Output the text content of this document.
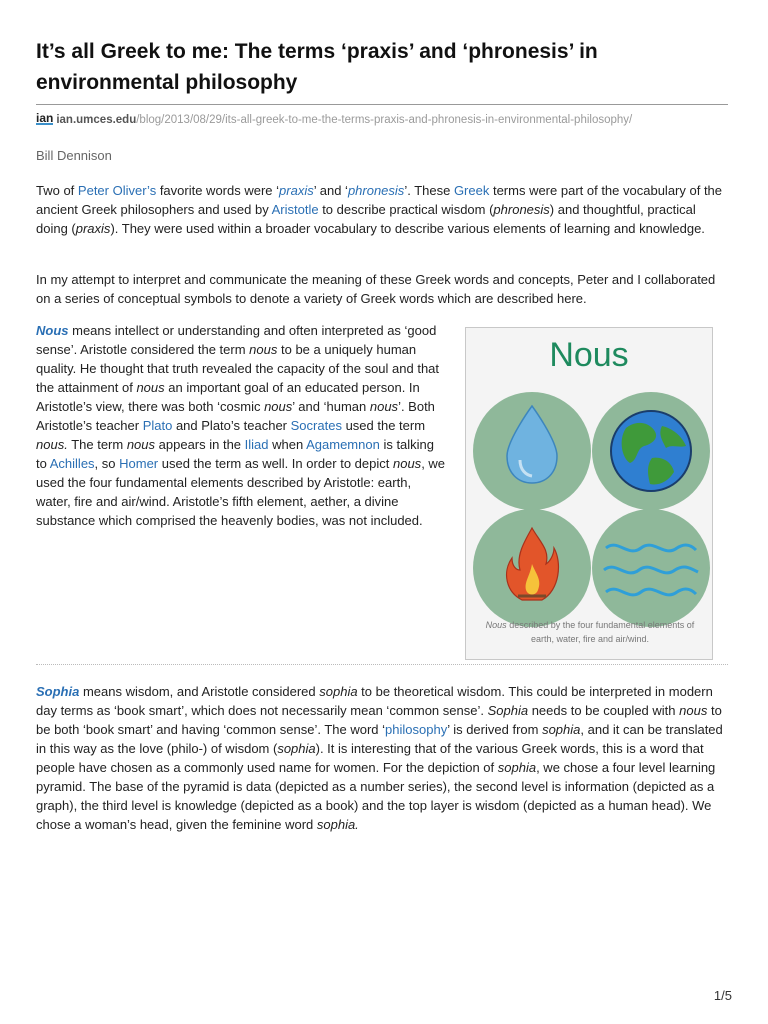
It’s all Greek to me: The terms ‘praxis’ and ‘phronesis’ in environmental philosophy
ian ian.umces.edu/blog/2013/08/29/its-all-greek-to-me-the-terms-praxis-and-phronesis-in-environmental-philosophy/
Bill Dennison

Two of Peter Oliver’s favorite words were ‘praxis’ and ‘phronesis’. These Greek terms were part of the vocabulary of the ancient Greek philosophers and used by Aristotle to describe practical wisdom (phronesis) and thoughtful, practical doing (praxis). They were used within a broader vocabulary to describe various elements of learning and knowledge.

In my attempt to interpret and communicate the meaning of these Greek words and concepts, Peter and I collaborated on a series of conceptual symbols to denote a variety of Greek words which are described here.

Nous means intellect or understanding and often interpreted as ‘good sense’. Aristotle considered the term nous to be a uniquely human quality. He thought that truth revealed the capacity of the soul and that the attainment of nous an important goal of an educated person. In Aristotle’s view, there was both ‘cosmic nous’ and ‘human nous’. Both Aristotle’s teacher Plato and Plato’s teacher Socrates used the term nous. The term nous appears in the Iliad when Agamemnon is talking to Achilles, so Homer used the term as well. In order to depict nous, we used the four fundamental elements described by Aristotle: earth, water, fire and air/wind. Aristotle’s fifth element, aether, a divine substance which comprised the heavenly bodies, was not included.

Nous
Nous described by the four fundamental elements of earth, water, fire and air/wind.

Sophia means wisdom, and Aristotle considered sophia to be theoretical wisdom. This could be interpreted in modern day terms as ‘book smart’, which does not necessarily mean ‘common sense’. Sophia needs to be coupled with nous to be both ‘book smart’ and having ‘common sense’. The word ‘philosophy’ is derived from sophia, and it can be translated in this way as the love (philo-) of wisdom (sophia). It is interesting that of the various Greek words, this is a word that people have chosen as a commonly used name for women. For the depiction of sophia, we chose a four level learning pyramid. The base of the pyramid is data (depicted as a number series), the second level is information (depicted as a graph), the third level is knowledge (depicted as a book) and the top layer is wisdom (depicted as a human head). We chose a woman’s head, given the feminine word sophia.

1/5
